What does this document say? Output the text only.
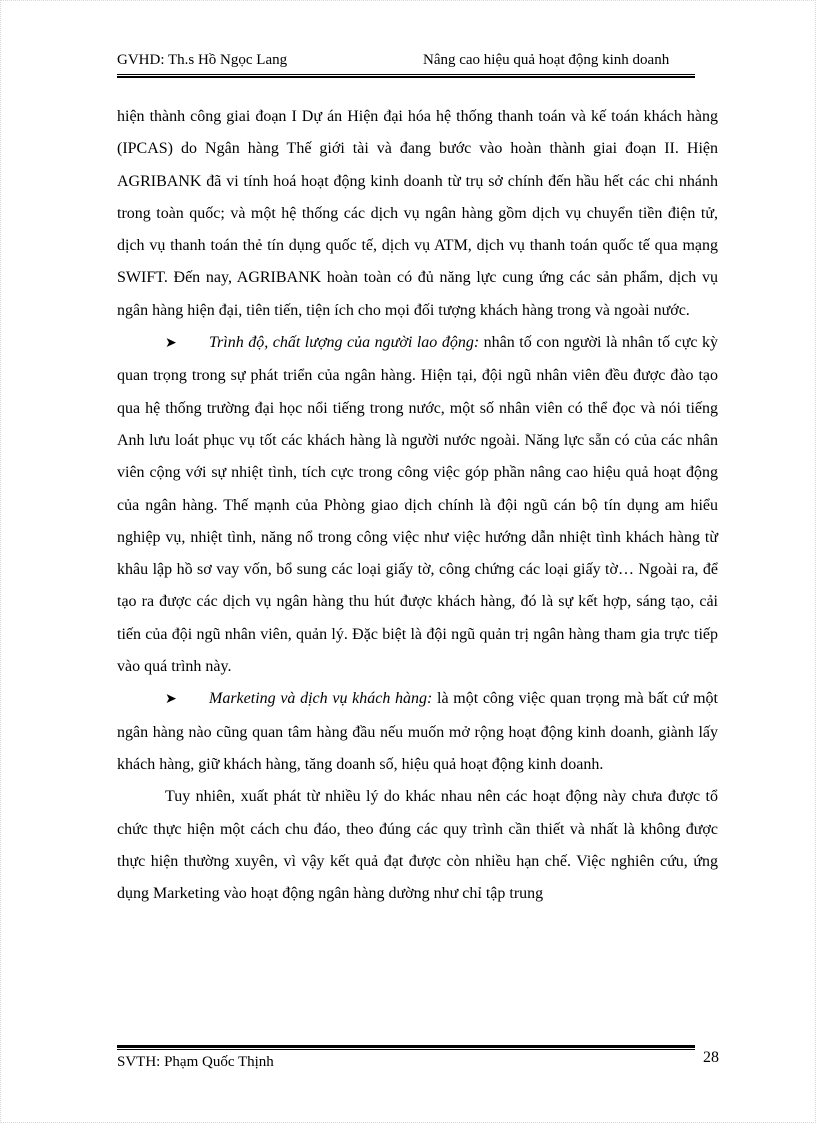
GVHD: Th.s Hồ Ngọc Lang	Nâng cao hiệu quả hoạt động kinh doanh

hiện thành công giai đoạn I Dự án Hiện đại hóa hệ thống thanh toán và kế toán khách hàng (IPCAS) do Ngân hàng Thế giới tài và đang bước vào hoàn thành giai đoạn II. Hiện AGRIBANK đã vi tính hoá hoạt động kinh doanh từ trụ sở chính đến hầu hết các chi nhánh trong toàn quốc; và một hệ thống các dịch vụ ngân hàng gồm dịch vụ chuyển tiền điện tử, dịch vụ thanh toán thẻ tín dụng quốc tế, dịch vụ ATM, dịch vụ thanh toán quốc tế qua mạng SWIFT. Đến nay, AGRIBANK hoàn toàn có đủ năng lực cung ứng các sản phẩm, dịch vụ ngân hàng hiện đại, tiên tiến, tiện ích cho mọi đối tượng khách hàng trong và ngoài nước.

➤ Trình độ, chất lượng của người lao động: nhân tố con người là nhân tố cực kỳ quan trọng trong sự phát triển của ngân hàng. Hiện tại, đội ngũ nhân viên đều được đào tạo qua hệ thống trường đại học nổi tiếng trong nước, một số nhân viên có thể đọc và nói tiếng Anh lưu loát phục vụ tốt các khách hàng là người nước ngoài. Năng lực sẵn có của các nhân viên cộng với sự nhiệt tình, tích cực trong công việc góp phần nâng cao hiệu quả hoạt động của ngân hàng. Thế mạnh của Phòng giao dịch chính là đội ngũ cán bộ tín dụng am hiểu nghiệp vụ, nhiệt tình, năng nổ trong công việc như việc hướng dẫn nhiệt tình khách hàng từ khâu lập hồ sơ vay vốn, bổ sung các loại giấy tờ, công chứng các loại giấy tờ… Ngoài ra, để tạo ra được các dịch vụ ngân hàng thu hút được khách hàng, đó là sự kết hợp, sáng tạo, cải tiến của đội ngũ nhân viên, quản lý. Đặc biệt là đội ngũ quản trị ngân hàng tham gia trực tiếp vào quá trình này.

➤ Marketing và dịch vụ khách hàng: là một công việc quan trọng mà bất cứ một ngân hàng nào cũng quan tâm hàng đầu nếu muốn mở rộng hoạt động kinh doanh, giành lấy khách hàng, giữ khách hàng, tăng doanh số, hiệu quả hoạt động kinh doanh.

Tuy nhiên, xuất phát từ nhiều lý do khác nhau nên các hoạt động này chưa được tổ chức thực hiện một cách chu đáo, theo đúng các quy trình cần thiết và nhất là không được thực hiện thường xuyên, vì vậy kết quả đạt được còn nhiều hạn chế. Việc nghiên cứu, ứng dụng Marketing vào hoạt động ngân hàng dường như chỉ tập trung

SVTH: Phạm Quốc Thịnh	28
